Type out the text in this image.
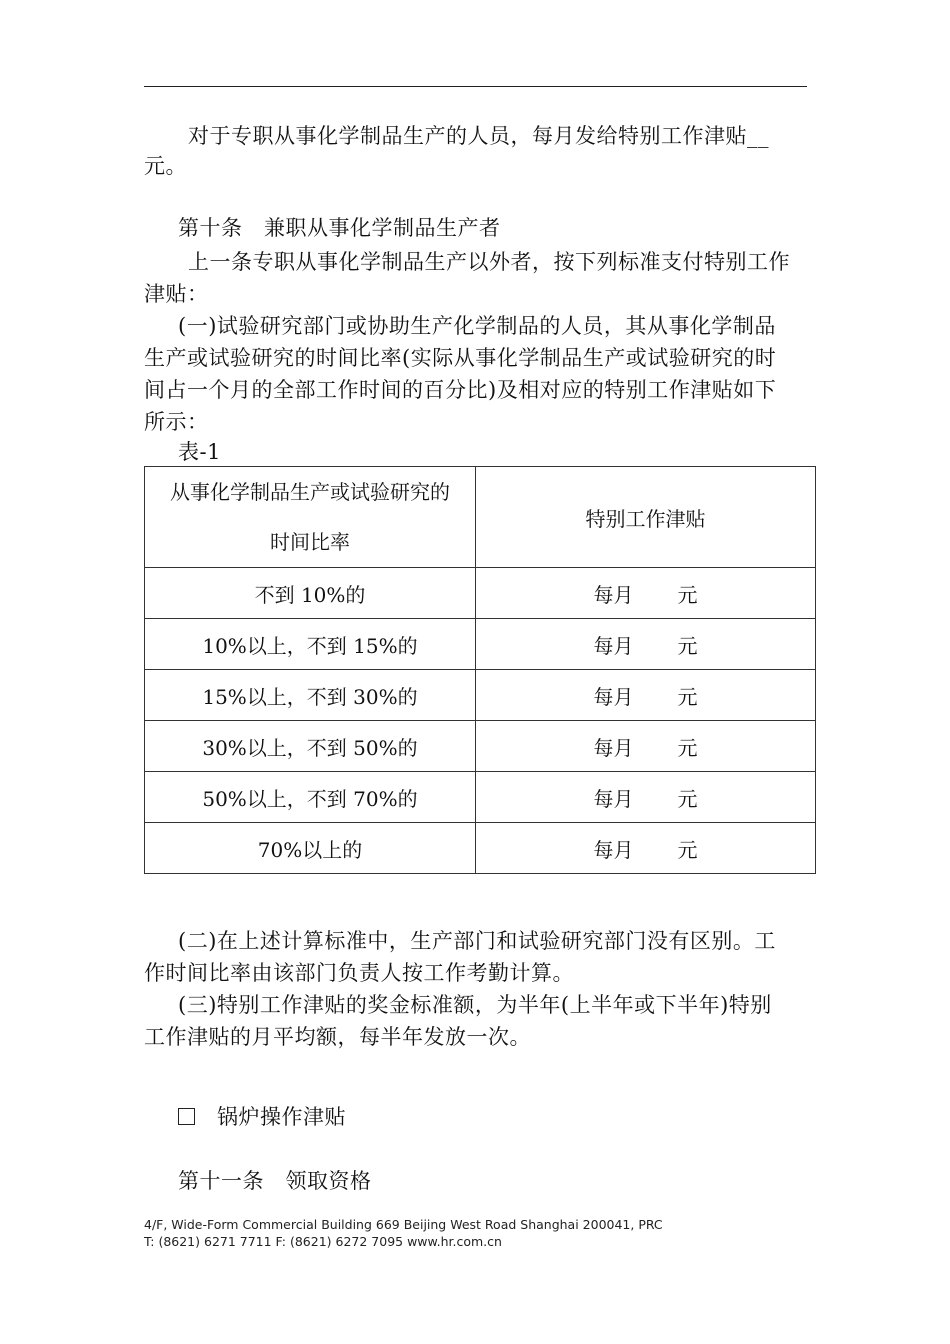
对于专职从事化学制品生产的人员，每月发给特别工作津贴__
元。
第十条　兼职从事化学制品生产者
上一条专职从事化学制品生产以外者，按下列标准支付特别工作
津贴：
(一)试验研究部门或协助生产化学制品的人员，其从事化学制品
生产或试验研究的时间比率(实际从事化学制品生产或试验研究的时
间占一个月的全部工作时间的百分比)及相对应的特别工作津贴如下
所示：
表-1
从事化学制品生产或试验研究的
时间比率	特别工作津贴
不到 10%的	每月 元
10%以上，不到 15%的	每月 元
15%以上，不到 30%的	每月 元
30%以上，不到 50%的	每月 元
50%以上，不到 70%的	每月 元
70%以上的	每月 元
(二)在上述计算标准中，生产部门和试验研究部门没有区别。工
作时间比率由该部门负责人按工作考勤计算。
(三)特别工作津贴的奖金标准额，为半年(上半年或下半年)特别
工作津贴的月平均额，每半年发放一次。
锅炉操作津贴
第十一条　领取资格
4/F, Wide-Form Commercial Building 669 Beijing West Road Shanghai 200041, PRC
T: (8621) 6271 7711 F: (8621) 6272 7095 www.hr.com.cn
